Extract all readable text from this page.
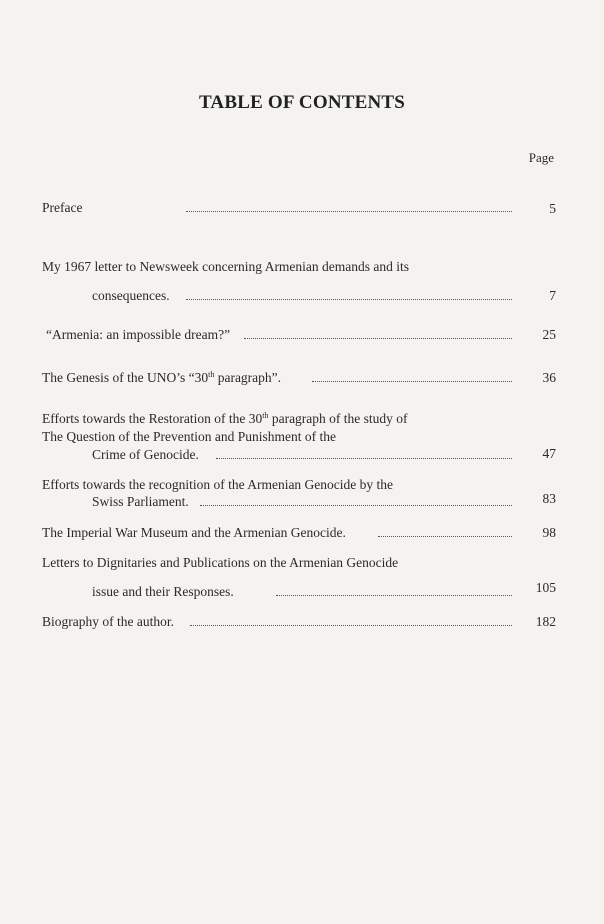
TABLE OF CONTENTS
Page
Preface	5
My 1967 letter to Newsweek concerning Armenian demands and its
consequences.	7
“Armenia: an impossible dream?”	25
The Genesis of the UNO’s “30th paragraph”.	36
Efforts towards the Restoration of the 30th paragraph of the study of
The Question of the Prevention and Punishment of the
Crime of Genocide.	47
Efforts towards the recognition of the Armenian Genocide by the
Swiss Parliament.	83
The Imperial War Museum and the Armenian Genocide.	98
Letters to Dignitaries and Publications on the Armenian Genocide
issue and their Responses.	105
Biography of the author.	182
